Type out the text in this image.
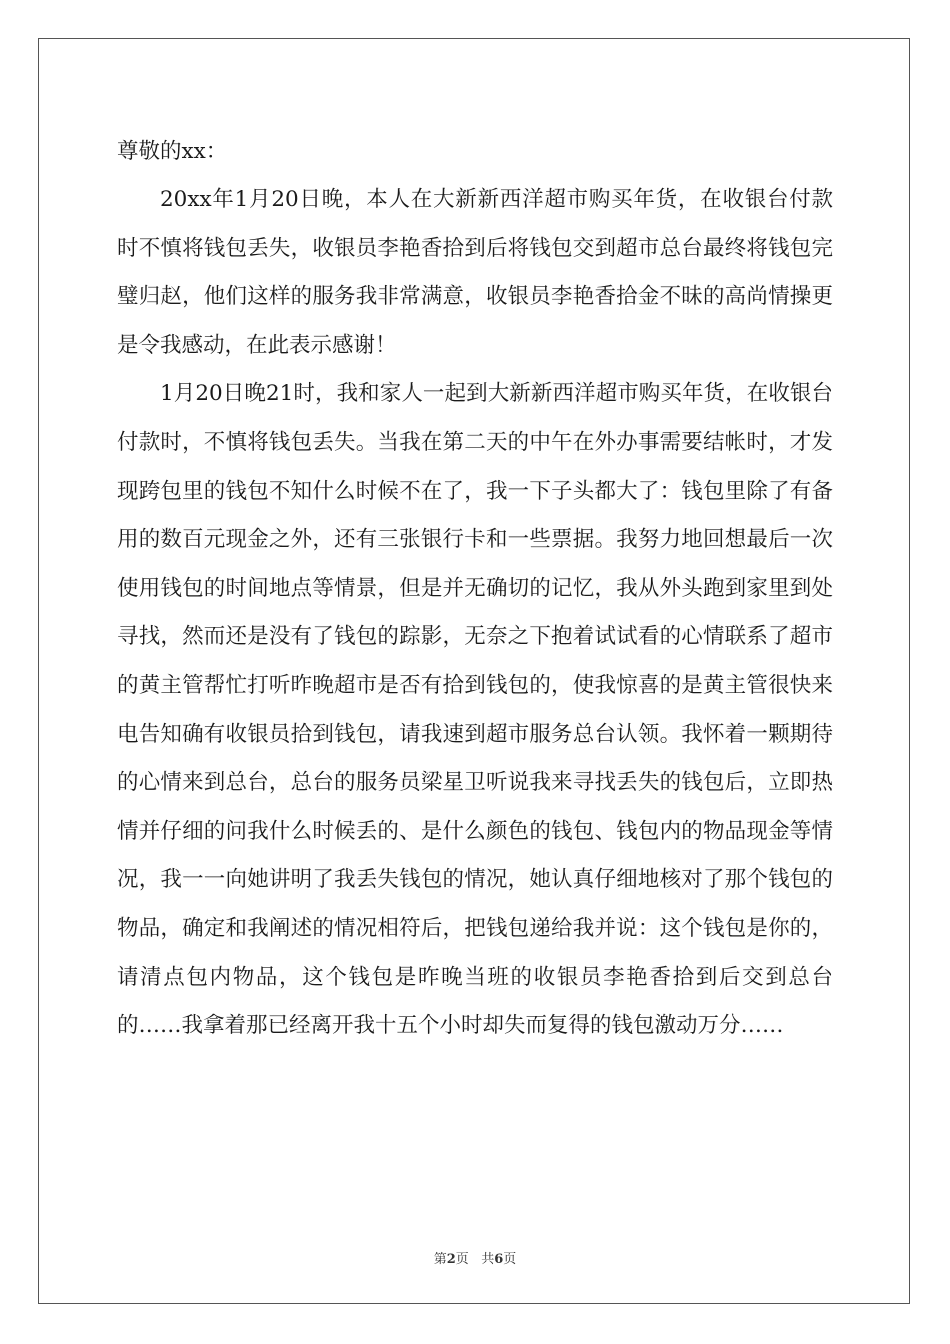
尊敬的xx：

20xx年1月20日晚，本人在大新新西洋超市购买年货，在收银台付款时不慎将钱包丢失，收银员李艳香拾到后将钱包交到超市总台最终将钱包完璧归赵，他们这样的服务我非常满意，收银员李艳香拾金不昧的高尚情操更是令我感动，在此表示感谢！

1月20日晚21时，我和家人一起到大新新西洋超市购买年货，在收银台付款时，不慎将钱包丢失。当我在第二天的中午在外办事需要结帐时，才发现跨包里的钱包不知什么时候不在了，我一下子头都大了：钱包里除了有备用的数百元现金之外，还有三张银行卡和一些票据。我努力地回想最后一次使用钱包的时间地点等情景，但是并无确切的记忆，我从外头跑到家里到处寻找，然而还是没有了钱包的踪影，无奈之下抱着试试看的心情联系了超市的黄主管帮忙打听昨晚超市是否有拾到钱包的，使我惊喜的是黄主管很快来电告知确有收银员拾到钱包，请我速到超市服务总台认领。我怀着一颗期待的心情来到总台，总台的服务员梁星卫听说我来寻找丢失的钱包后，立即热情并仔细的问我什么时候丢的、是什么颜色的钱包、钱包内的物品现金等情况，我一一向她讲明了我丢失钱包的情况，她认真仔细地核对了那个钱包的物品，确定和我阐述的情况相符后，把钱包递给我并说：这个钱包是你的，请清点包内物品，这个钱包是昨晚当班的收银员李艳香拾到后交到总台的……我拿着那已经离开我十五个小时却失而复得的钱包激动万分……

第2页   共6页
